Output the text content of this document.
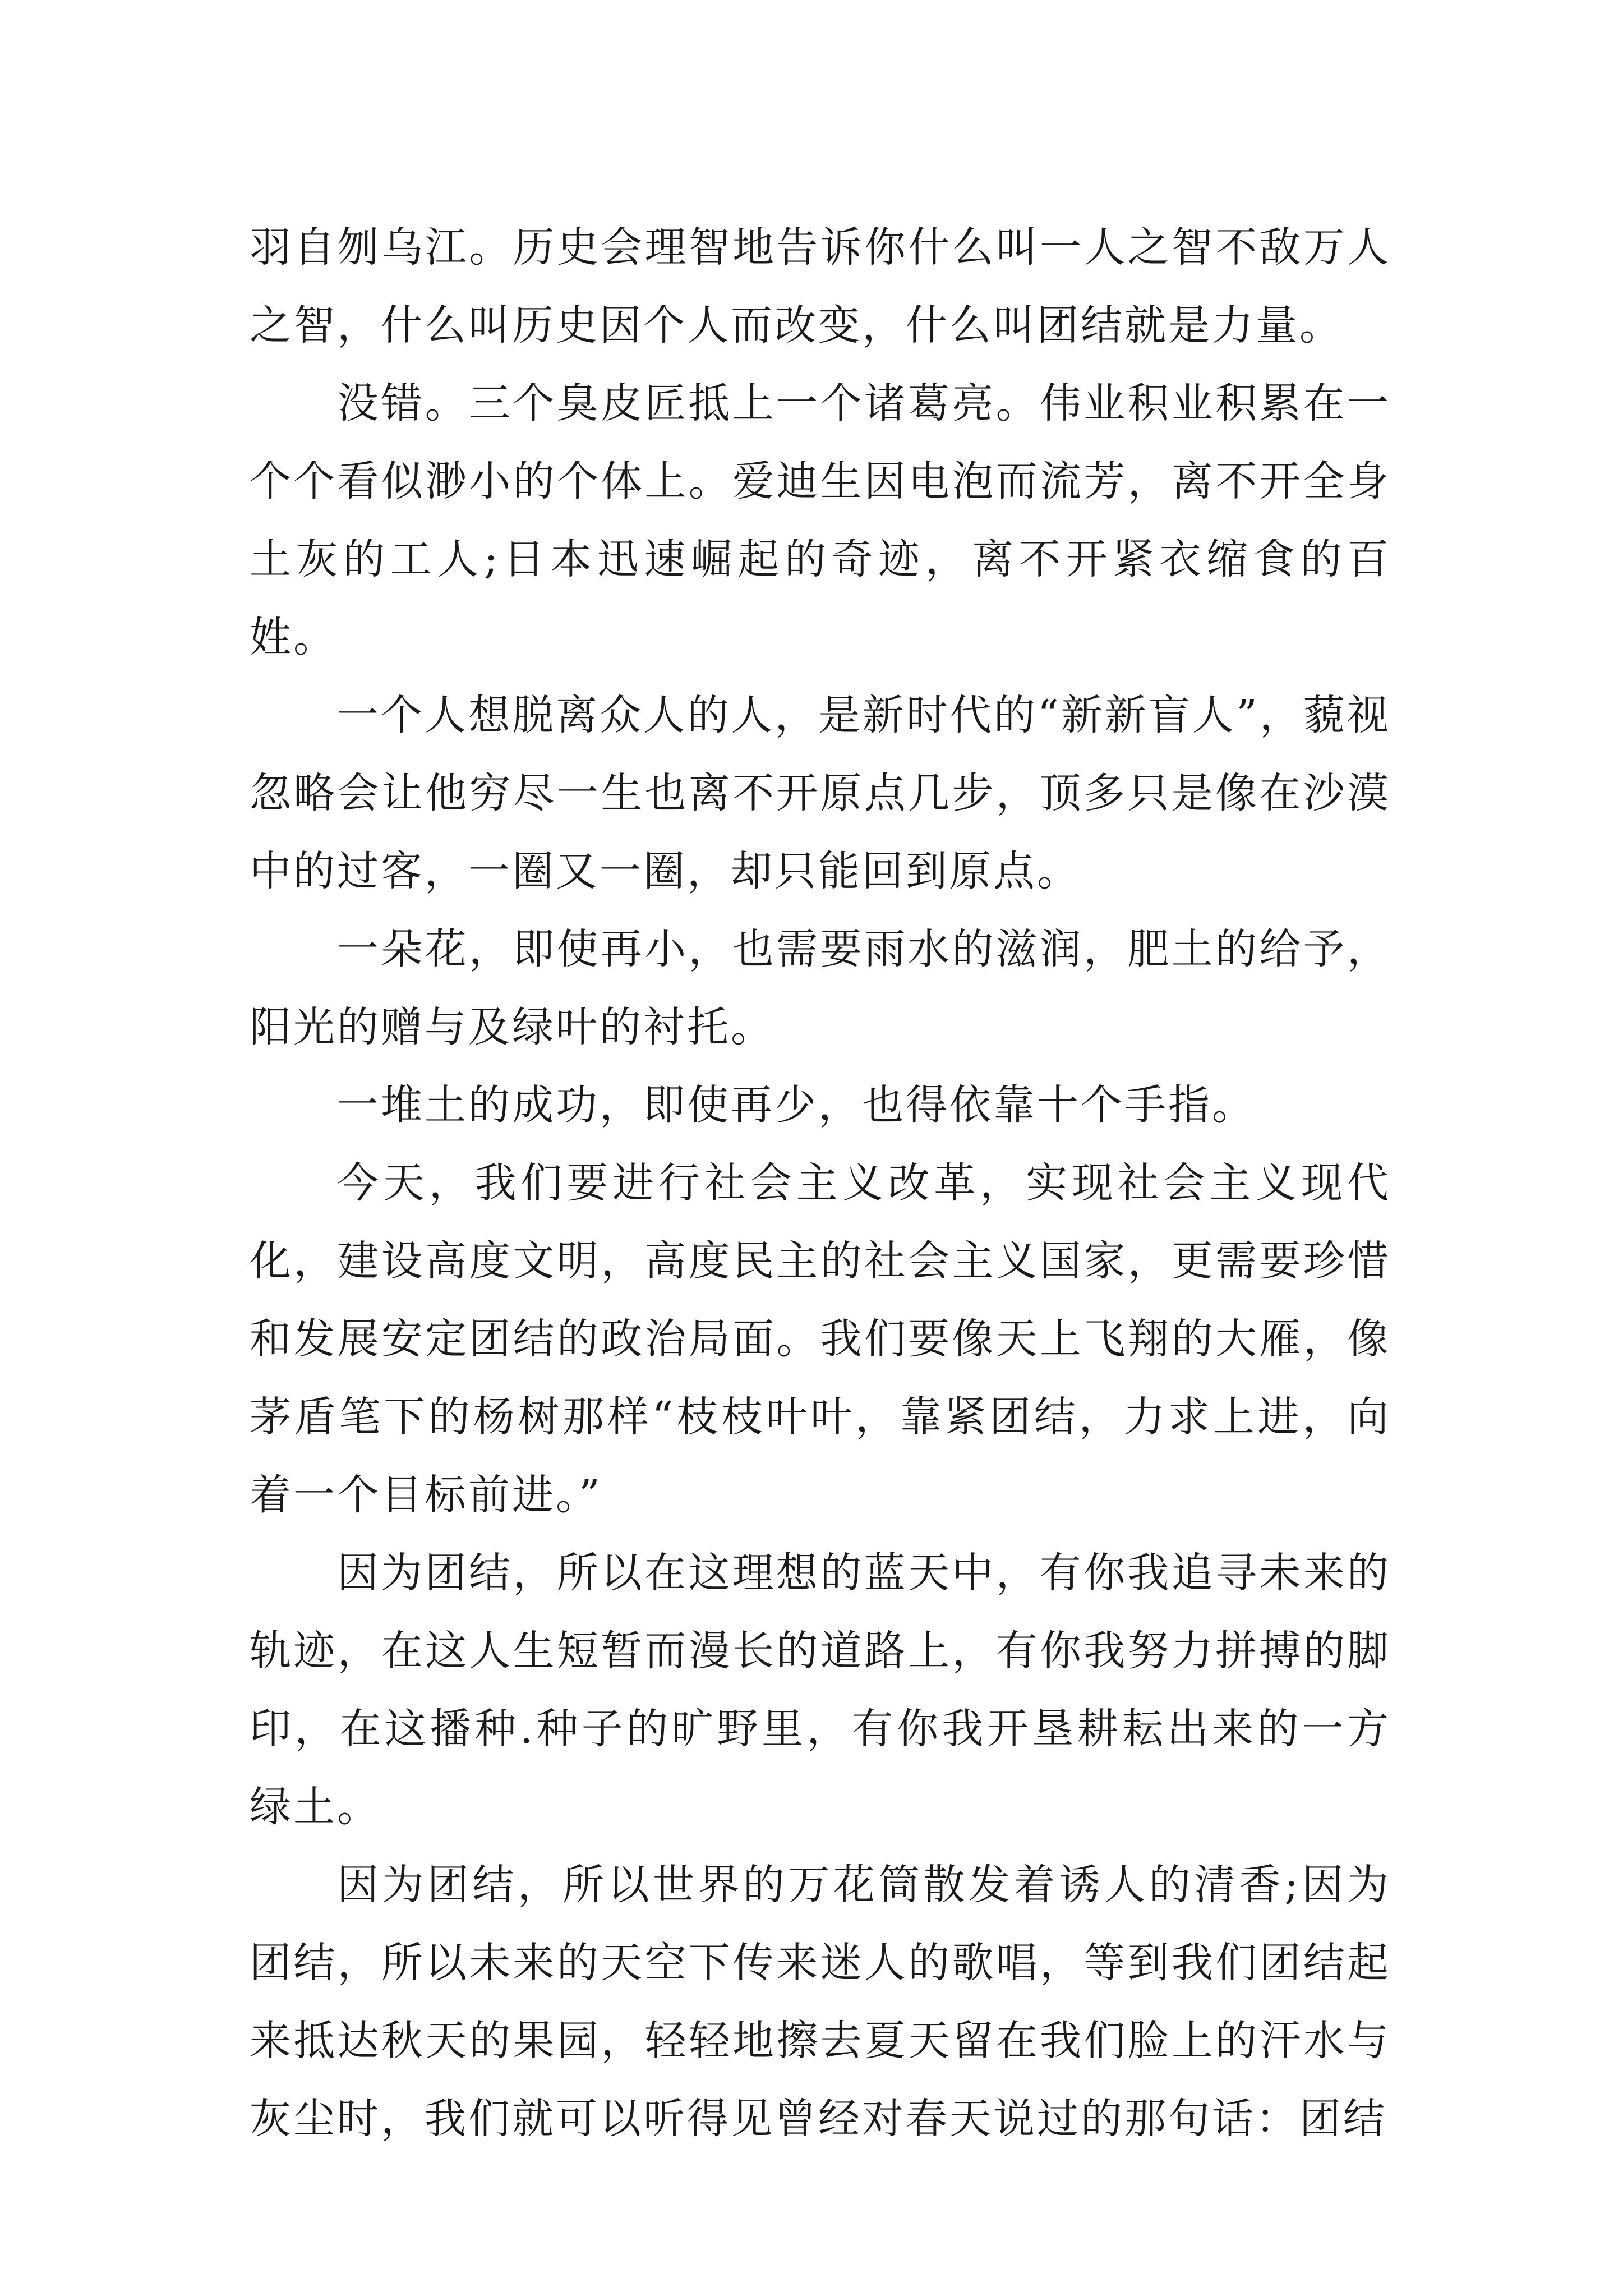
羽自刎乌江。历史会理智地告诉你什么叫一人之智不敌万人之智，什么叫历史因个人而改变，什么叫团结就是力量。

没错。三个臭皮匠抵上一个诸葛亮。伟业积业积累在一个个看似渺小的个体上。爱迪生因电泡而流芳，离不开全身土灰的工人;日本迅速崛起的奇迹，离不开紧衣缩食的百姓。

一个人想脱离众人的人，是新时代的“新新盲人”，藐视忽略会让他穷尽一生也离不开原点几步，顶多只是像在沙漠中的过客，一圈又一圈，却只能回到原点。

一朵花，即使再小，也需要雨水的滋润，肥土的给予，阳光的赠与及绿叶的衬托。

一堆土的成功，即使再少，也得依靠十个手指。

今天，我们要进行社会主义改革，实现社会主义现代化，建设高度文明，高度民主的社会主义国家，更需要珍惜和发展安定团结的政治局面。我们要像天上飞翔的大雁，像茅盾笔下的杨树那样“枝枝叶叶，靠紧团结，力求上进，向着一个目标前进。”

因为团结，所以在这理想的蓝天中，有你我追寻未来的轨迹，在这人生短暂而漫长的道路上，有你我努力拼搏的脚印，在这播种.种子的旷野里，有你我开垦耕耘出来的一方绿土。

因为团结，所以世界的万花筒散发着诱人的清香;因为团结，所以未来的天空下传来迷人的歌唱，等到我们团结起来抵达秋天的果园，轻轻地擦去夏天留在我们脸上的汗水与灰尘时，我们就可以听得见曾经对春天说过的那句话：团结
